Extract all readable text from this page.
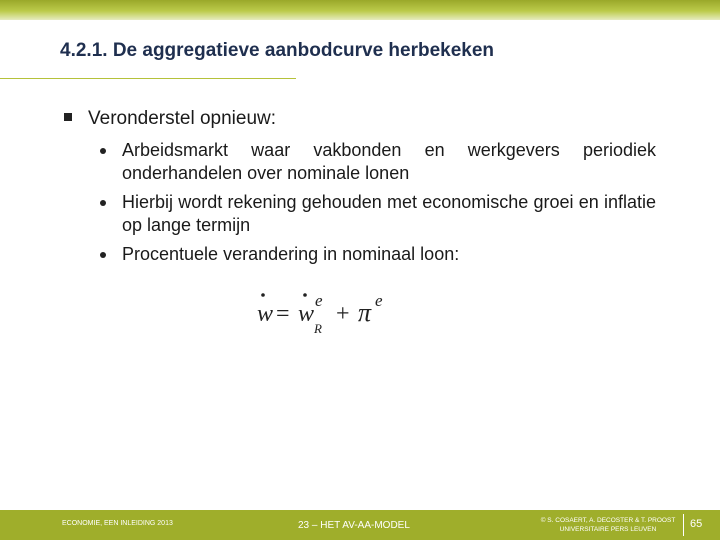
4.2.1. De aggregatieve aanbodcurve herbekeken
Veronderstel opnieuw:
Arbeidsmarkt waar vakbonden en werkgevers periodiek onderhandelen over nominale lonen
Hierbij wordt rekening gehouden met economische groei en inflatie op lange termijn
Procentuele verandering in nominaal loon:
w = w
e
R
+ π e
ECONOMIE, EEN INLEIDING 2013	23 – HET AV-AA-MODEL	© S. COSAERT, A. DECOSTER & T. PROOST
UNIVERSITAIRE PERS LEUVEN	65
